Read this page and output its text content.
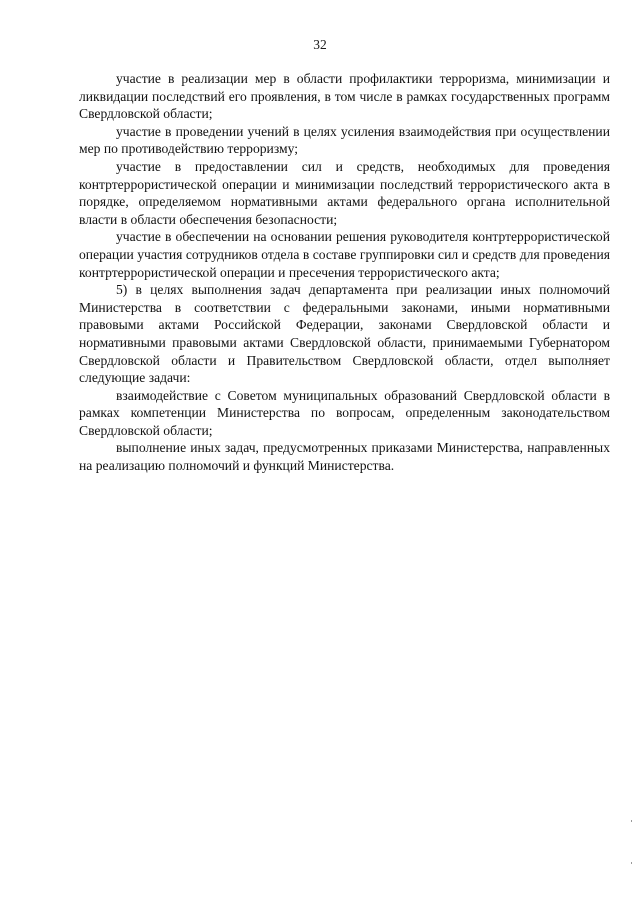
32

участие в реализации мер в области профилактики терроризма, минимизации и ликвидации последствий его проявления, в том числе в рамках государственных программ Свердловской области;

участие в проведении учений в целях усиления взаимодействия при осуществлении мер по противодействию терроризму;

участие в предоставлении сил и средств, необходимых для проведения контртеррористической операции и минимизации последствий террористического акта в порядке, определяемом нормативными актами федерального органа исполнительной власти в области обеспечения безопасности;

участие в обеспечении на основании решения руководителя контртеррористической операции участия сотрудников отдела в составе группировки сил и средств для проведения контртеррористической операции и пресечения террористического акта;

5) в целях выполнения задач департамента при реализации иных полномочий Министерства в соответствии с федеральными законами, иными нормативными правовыми актами Российской Федерации, законами Свердловской области и нормативными правовыми актами Свердловской области, принимаемыми Губернатором Свердловской области и Правительством Свердловской области, отдел выполняет следующие задачи:

взаимодействие с Советом муниципальных образований Свердловской области в рамках компетенции Министерства по вопросам, определенным законодательством Свердловской области;

выполнение иных задач, предусмотренных приказами Министерства, направленных на реализацию полномочий и функций Министерства.
